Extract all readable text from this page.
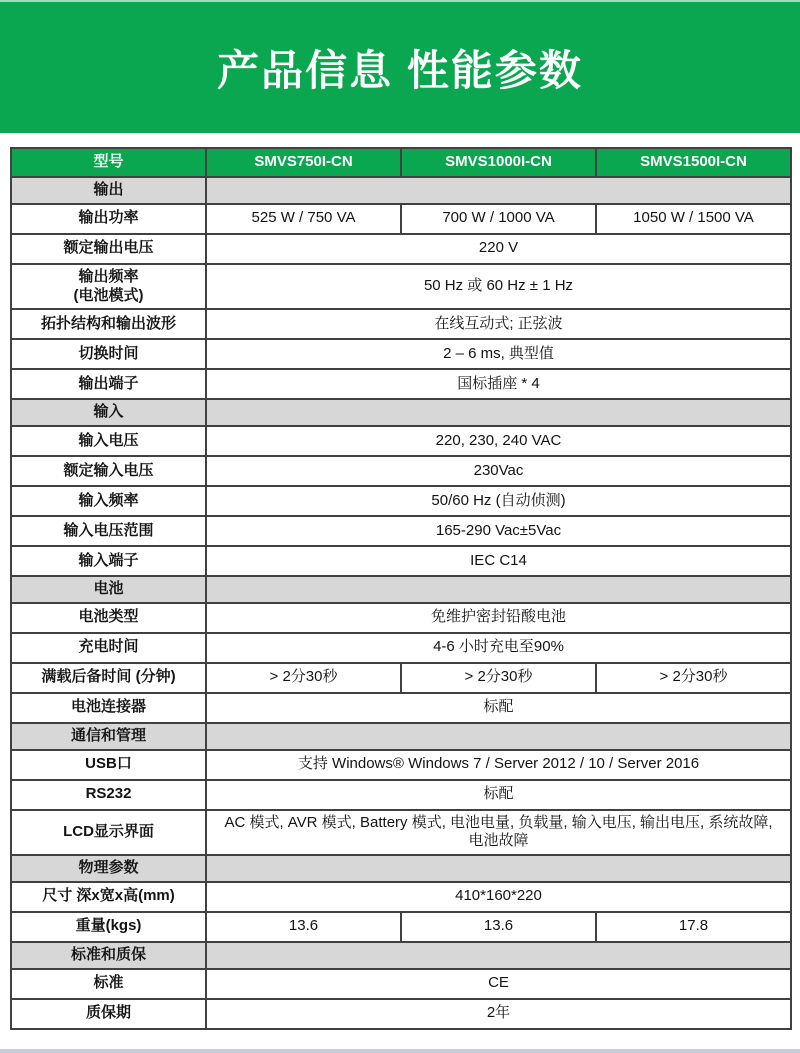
产品信息 性能参数
型号	SMVS750I-CN	SMVS1000I-CN	SMVS1500I-CN
输出			
输出功率	525 W / 750 VA	700 W / 1000 VA	1050 W / 1500 VA
额定输出电压	220 V		

输出频率
(电池模式)	50 Hz 或 60 Hz ± 1 Hz		
拓扑结构和输出波形	在线互动式; 正弦波		
切换时间	2 – 6 ms, 典型值		
输出端子	国标插座 * 4		
输入			
输入电压	220, 230, 240 VAC		
额定输入电压	230Vac		
输入频率	50/60 Hz (自动侦测)		
输入电压范围	165-290 Vac±5Vac		
输入端子	IEC C14		
电池			
电池类型	免维护密封铅酸电池		
充电时间	4-6 小时充电至90%		
满载后备时间 (分钟)	> 2分30秒	> 2分30秒	> 2分30秒
电池连接器	标配		
通信和管理			
USB口	支持 Windows® Windows 7 / Server 2012 / 10 / Server 2016		
RS232	标配		
LCD显示界面	AC 模式, AVR 模式, Battery 模式, 电池电量, 负载量, 输入电压, 输出电压, 系统故障, 电池故障		
物理参数			
尺寸 深x宽x高(mm)	410*160*220		
重量(kgs)	13.6	13.6	17.8
标准和质保			
标准	CE		
质保期	2年		
